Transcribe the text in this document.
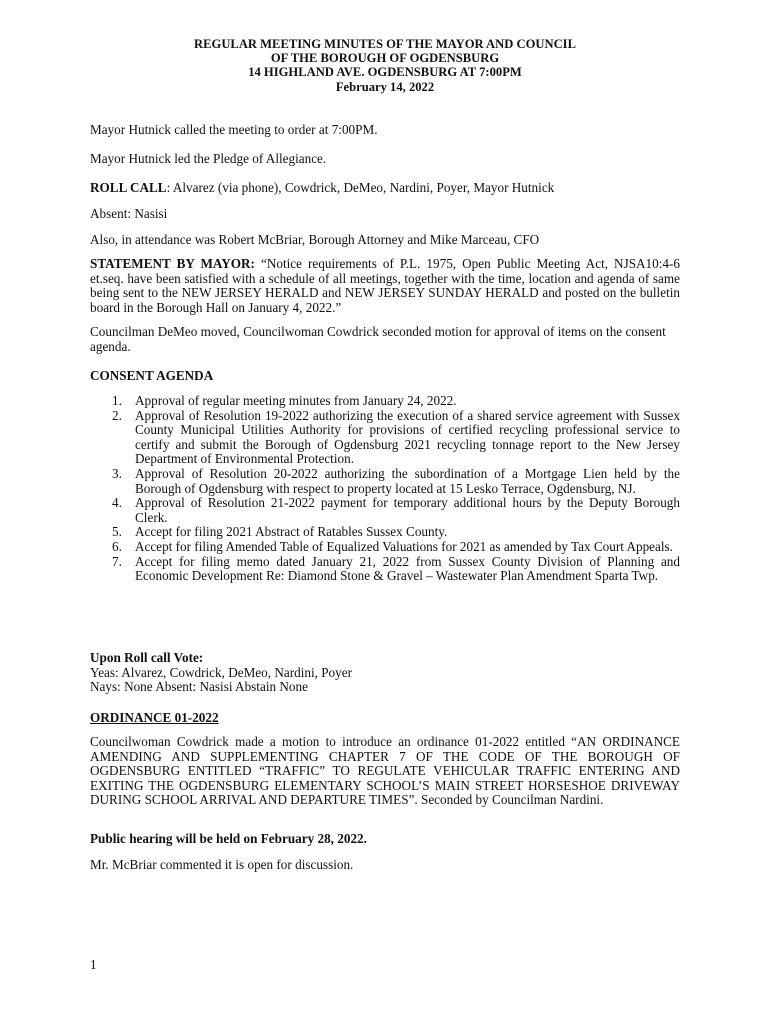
REGULAR MEETING MINUTES OF THE MAYOR AND COUNCIL
OF THE BOROUGH OF OGDENSBURG
14 HIGHLAND AVE. OGDENSBURG AT 7:00PM
February 14, 2022

Mayor Hutnick called the meeting to order at 7:00PM.

Mayor Hutnick led the Pledge of Allegiance.

ROLL CALL: Alvarez (via phone), Cowdrick, DeMeo, Nardini, Poyer, Mayor Hutnick

Absent: Nasisi

Also, in attendance was Robert McBriar, Borough Attorney and Mike Marceau, CFO

STATEMENT BY MAYOR: “Notice requirements of P.L. 1975, Open Public Meeting Act, NJSA10:4-6 et.seq. have been satisfied with a schedule of all meetings, together with the time, location and agenda of same being sent to the NEW JERSEY HERALD and NEW JERSEY SUNDAY HERALD and posted on the bulletin board in the Borough Hall on January 4, 2022.”

Councilman DeMeo moved, Councilwoman Cowdrick seconded motion for approval of items on the consent agenda.

CONSENT AGENDA

1. Approval of regular meeting minutes from January 24, 2022.
2. Approval of Resolution 19-2022 authorizing the execution of a shared service agreement with Sussex County Municipal Utilities Authority for provisions of certified recycling professional service to certify and submit the Borough of Ogdensburg 2021 recycling tonnage report to the New Jersey Department of Environmental Protection.
3. Approval of Resolution 20-2022 authorizing the subordination of a Mortgage Lien held by the Borough of Ogdensburg with respect to property located at 15 Lesko Terrace, Ogdensburg, NJ.
4. Approval of Resolution 21-2022 payment for temporary additional hours by the Deputy Borough Clerk.
5. Accept for filing 2021 Abstract of Ratables Sussex County.
6. Accept for filing Amended Table of Equalized Valuations for 2021 as amended by Tax Court Appeals.
7. Accept for filing memo dated January 21, 2022 from Sussex County Division of Planning and Economic Development Re: Diamond Stone & Gravel – Wastewater Plan Amendment Sparta Twp.
Upon Roll call Vote:
Yeas: Alvarez, Cowdrick, DeMeo, Nardini, Poyer
Nays: None Absent: Nasisi Abstain None

ORDINANCE 01-2022

Councilwoman Cowdrick made a motion to introduce an ordinance 01-2022 entitled “AN ORDINANCE AMENDING AND SUPPLEMENTING CHAPTER 7 OF THE CODE OF THE BOROUGH OF OGDENSBURG ENTITLED “TRAFFIC” TO REGULATE VEHICULAR TRAFFIC ENTERING AND EXITING THE OGDENSBURG ELEMENTARY SCHOOL’S MAIN STREET HORSESHOE DRIVEWAY DURING SCHOOL ARRIVAL AND DEPARTURE TIMES”. Seconded by Councilman Nardini.

Public hearing will be held on February 28, 2022.

Mr. McBriar commented it is open for discussion.

1
